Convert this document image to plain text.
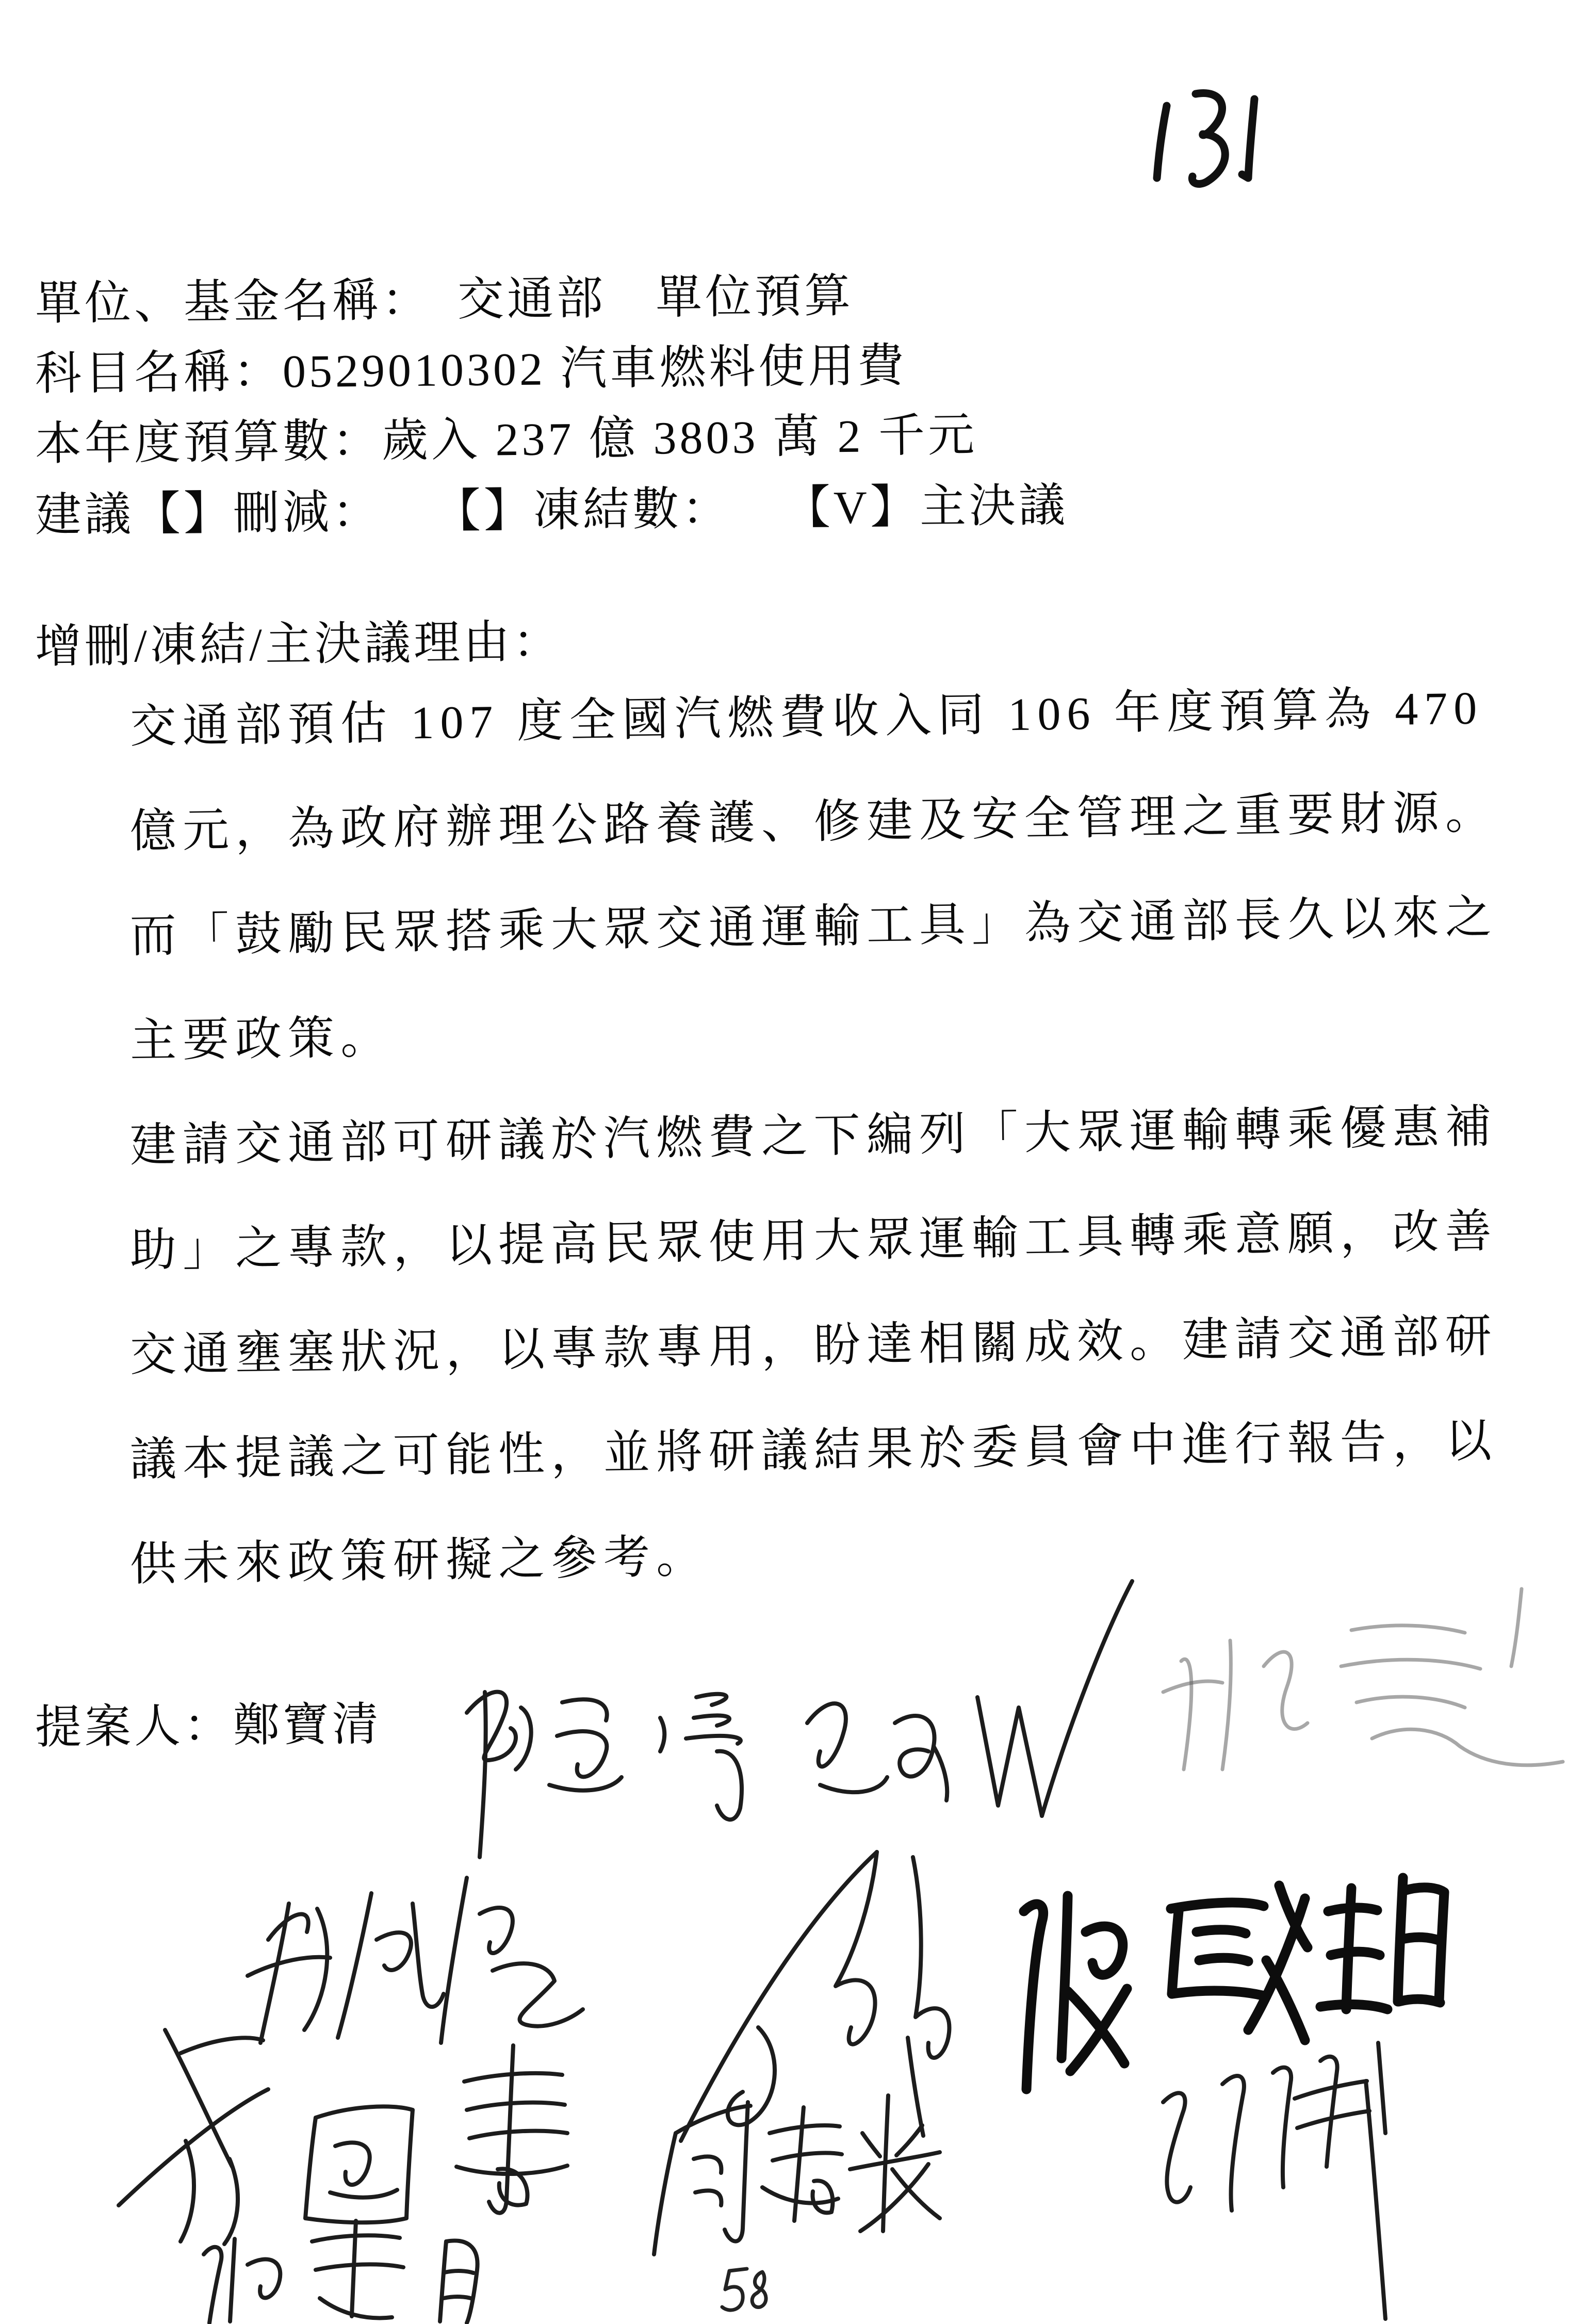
單位、基金名稱：　交通部　單位預算
科目名稱：0529010302 汽車燃料使用費
本年度預算數：歲入 237 億 3803 萬 2 千元
建議【】刪減：　　【】凍結數：　　【V】主決議
增刪/凍結/主決議理由：
交通部預估 107 度全國汽燃費收入同 106 年度預算為 470
億元，為政府辦理公路養護、修建及安全管理之重要財源。
而「鼓勵民眾搭乘大眾交通運輸工具」為交通部長久以來之
主要政策。
建請交通部可研議於汽燃費之下編列「大眾運輸轉乘優惠補
助」之專款，以提高民眾使用大眾運輸工具轉乘意願，改善
交通壅塞狀況，以專款專用，盼達相關成效。建請交通部研
議本提議之可能性，並將研議結果於委員會中進行報告，以
供未來政策研擬之參考。
提案人：鄭寶清
